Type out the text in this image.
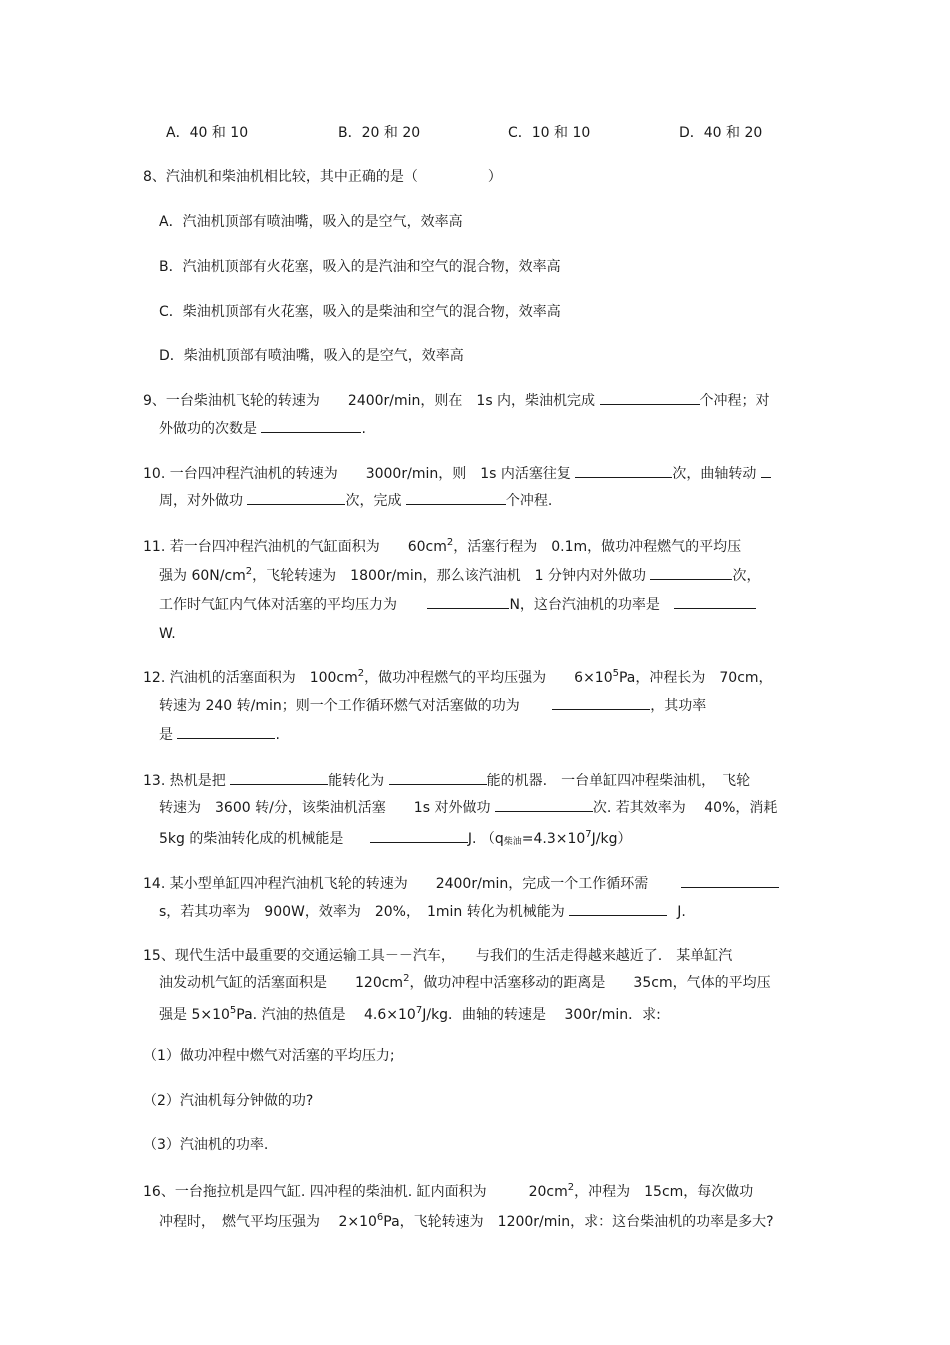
A．40 和 10	B．20 和 20	C．10 和 10	D．40 和 20
8、汽油机和柴油机相比较，其中正确的是（　　　　　）
A．汽油机顶部有喷油嘴，吸入的是空气，效率高
B．汽油机顶部有火花塞，吸入的是汽油和空气的混合物，效率高
C．柴油机顶部有火花塞，吸入的是柴油和空气的混合物，效率高
D．柴油机顶部有喷油嘴，吸入的是空气，效率高
9、一台柴油机飞轮的转速为　　2400r/min，则在　1s 内，柴油机完成	个冲程；对
外做功的次数是	.
10. 一台四冲程汽油机的转速为　　3000r/min，则　1s 内活塞往复	次，曲轴转动
周，对外做功	次，完成	个冲程.
11. 若一台四冲程汽油机的气缸面积为　　$60cm^2$，活塞行程为　0.1m，做功冲程燃气的平均压
强为 $60N/cm^2$，飞轮转速为　1800r/min，那么该汽油机　1 分钟内对外做功	次，
工作时气缸内气体对活塞的平均压力为	N，这台汽油机的功率是
W.
12. 汽油机的活塞面积为　$100cm^2$，做功冲程燃气的平均压强为　　$6\times 10^5Pa$，冲程长为　70cm，
转速为 240 转/min；则一个工作循环燃气对活塞做的功为	，其功率
是	.
13. 热机是把	能转化为	能的机器.　一台单缸四冲程柴油机，　飞轮
转速为　3600 转/分，该柴油机活塞　　1s 对外做功	次. 若其效率为　 40%，消耗
5kg 的柴油转化成的机械能是	J. $(q_{柴油}=4.3\times 10^7J/kg)$
14. 某小型单缸四冲程汽油机飞轮的转速为　　2400r/min，完成一个工作循环需
s，若其功率为　900W，效率为　20%，　1min 转化为机械能为	J.
15、现代生活中最重要的交通运输工具－－汽车，　　与我们的生活走得越来越近了.　某单缸汽
油发动机气缸的活塞面积是　　$120cm^2$，做功冲程中活塞移动的距离是　　35cm，气体的平均压
强是 $5\times 10^5Pa$. 汽油的热值是　 $4.6\times 10^7J/kg$．曲轴的转速是　 300r/min．求:
（1）做功冲程中燃气对活塞的平均压力;
（2）汽油机每分钟做的功?
（3）汽油机的功率.
16、一台拖拉机是四气缸. 四冲程的柴油机. 缸内面积为　　　$20cm^2$，冲程为　15cm，每次做功
冲程时，　燃气平均压强为　 $2\times 10^6Pa$，飞轮转速为　1200r/min，求：这台柴油机的功率是多大?
